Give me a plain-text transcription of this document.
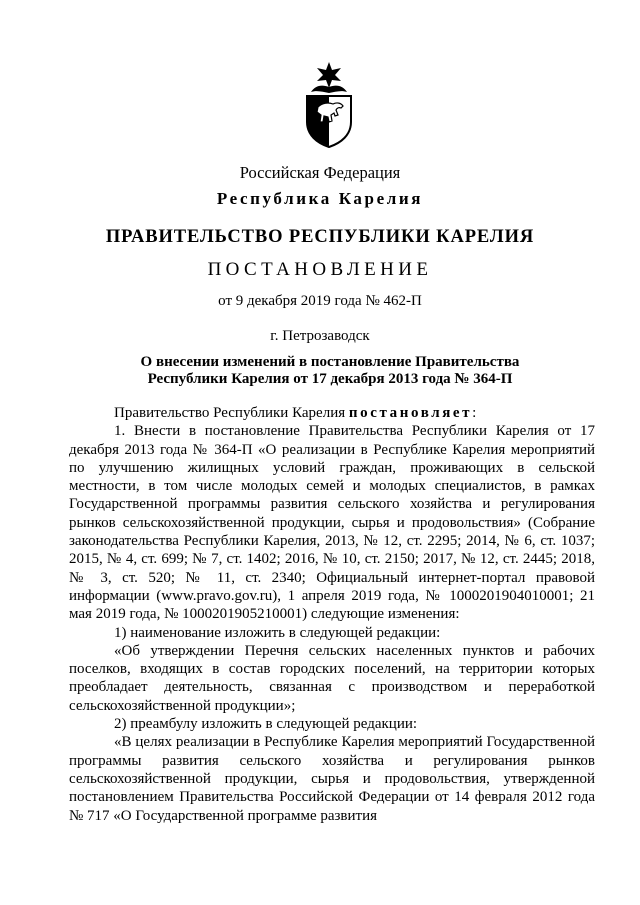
Российская Федерация
Республика Карелия
ПРАВИТЕЛЬСТВО РЕСПУБЛИКИ КАРЕЛИЯ
ПОСТАНОВЛЕНИЕ
от 9 декабря 2019 года № 462-П
г. Петрозаводск
О внесении изменений в постановление Правительства
Республики Карелия от 17 декабря 2013 года № 364-П

Правительство Республики Карелия постановляет:

1. Внести в постановление Правительства Республики Карелия от 17 декабря 2013 года № 364-П «О реализации в Республике Карелия мероприятий по улучшению жилищных условий граждан, проживающих в сельской местности, в том числе молодых семей и молодых специалистов, в рамках Государственной программы развития сельского хозяйства и регулирования рынков сельскохозяйственной продукции, сырья и продовольствия» (Собрание законодательства Республики Карелия, 2013, № 12, ст. 2295; 2014, № 6, ст. 1037; 2015, № 4, ст. 699; № 7, ст. 1402; 2016, № 10, ст. 2150; 2017, № 12, ст. 2445; 2018, № 3, ст. 520; № 11, ст. 2340; Официальный интернет-портал правовой информации (www.pravo.gov.ru), 1 апреля 2019 года, № 1000201904010001; 21 мая 2019 года, № 1000201905210001) следующие изменения:

1) наименование изложить в следующей редакции:

«Об утверждении Перечня сельских населенных пунктов и рабочих поселков, входящих в состав городских поселений, на территории которых преобладает деятельность, связанная с производством и переработкой сельскохозяйственной продукции»;

2) преамбулу изложить в следующей редакции:

«В целях реализации в Республике Карелия мероприятий Государственной программы развития сельского хозяйства и регулирования рынков сельскохозяйственной продукции, сырья и продовольствия, утвержденной постановлением Правительства Российской Федерации от 14 февраля 2012 года № 717 «О Государственной программе развития
